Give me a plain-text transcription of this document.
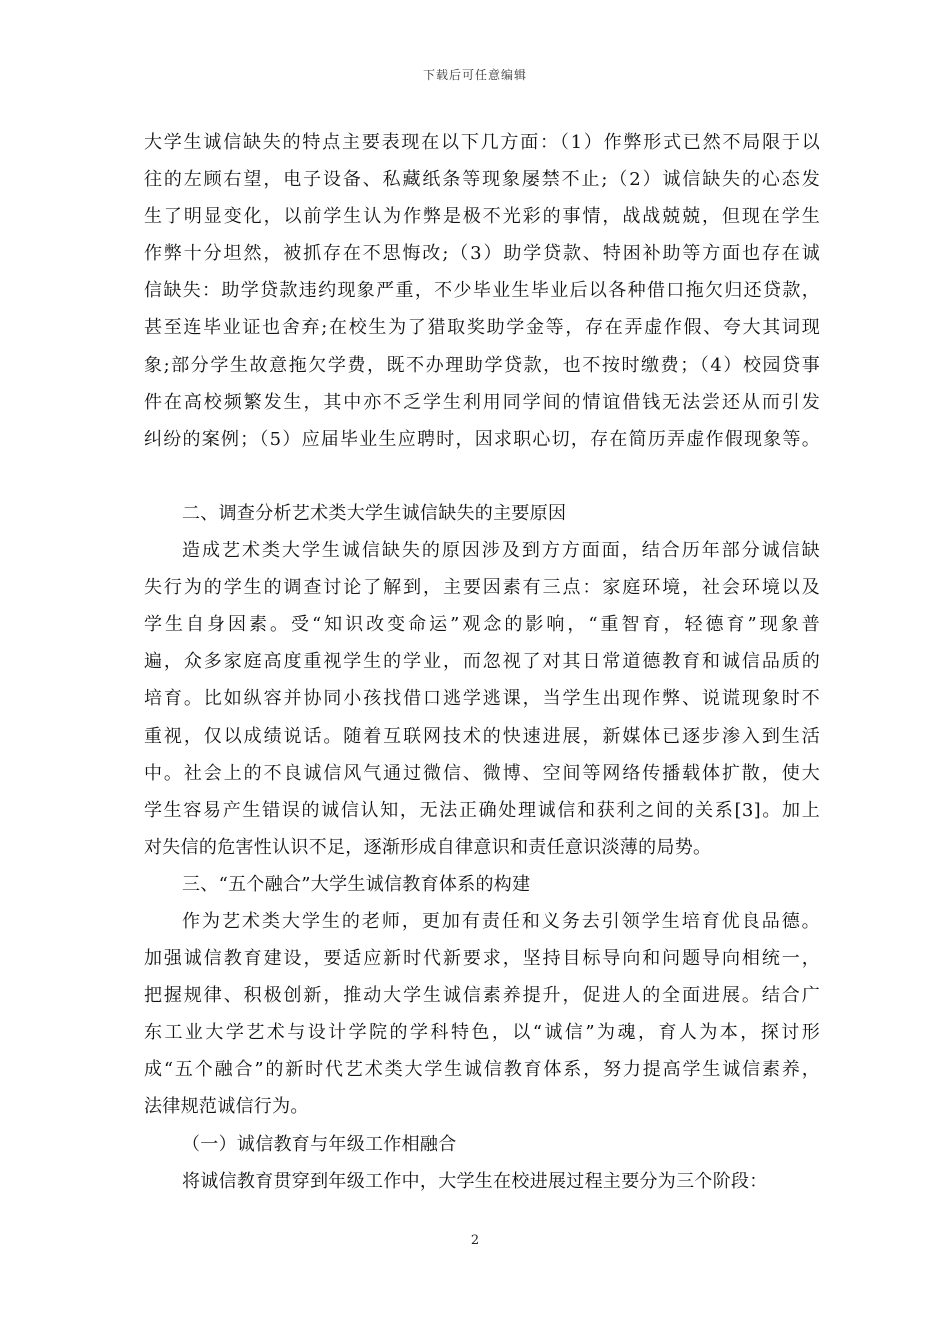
下载后可任意编辑
大学生诚信缺失的特点主要表现在以下几方面：（1）作弊形式已然不局限于以
往的左顾右望，电子设备、私藏纸条等现象屡禁不止;（2）诚信缺失的心态发
生了明显变化，以前学生认为作弊是极不光彩的事情，战战兢兢，但现在学生
作弊十分坦然，被抓存在不思悔改;（3）助学贷款、特困补助等方面也存在诚
信缺失：助学贷款违约现象严重，不少毕业生毕业后以各种借口拖欠归还贷款，
甚至连毕业证也舍弃;在校生为了猎取奖助学金等，存在弄虚作假、夸大其词现
象;部分学生故意拖欠学费，既不办理助学贷款，也不按时缴费；（4）校园贷事
件在高校频繁发生，其中亦不乏学生利用同学间的情谊借钱无法尝还从而引发
纠纷的案例；（5）应届毕业生应聘时，因求职心切，存在简历弄虚作假现象等。
二、调查分析艺术类大学生诚信缺失的主要原因
造成艺术类大学生诚信缺失的原因涉及到方方面面，结合历年部分诚信缺
失行为的学生的调查讨论了解到，主要因素有三点：家庭环境，社会环境以及
学生自身因素。受“知识改变命运”观念的影响，“重智育，轻德育”现象普
遍，众多家庭高度重视学生的学业，而忽视了对其日常道德教育和诚信品质的
培育。比如纵容并协同小孩找借口逃学逃课，当学生出现作弊、说谎现象时不
重视，仅以成绩说话。随着互联网技术的快速进展，新媒体已逐步渗入到生活
中。社会上的不良诚信风气通过微信、微博、空间等网络传播载体扩散，使大
学生容易产生错误的诚信认知，无法正确处理诚信和获利之间的关系[3]。加上
对失信的危害性认识不足，逐渐形成自律意识和责任意识淡薄的局势。
三、“五个融合”大学生诚信教育体系的构建
作为艺术类大学生的老师，更加有责任和义务去引领学生培育优良品德。
加强诚信教育建设，要适应新时代新要求，坚持目标导向和问题导向相统一，
把握规律、积极创新，推动大学生诚信素养提升，促进人的全面进展。结合广
东工业大学艺术与设计学院的学科特色，以“诚信”为魂，育人为本，探讨形
成“五个融合”的新时代艺术类大学生诚信教育体系，努力提高学生诚信素养，
法律规范诚信行为。
（一）诚信教育与年级工作相融合
将诚信教育贯穿到年级工作中，大学生在校进展过程主要分为三个阶段：
2
